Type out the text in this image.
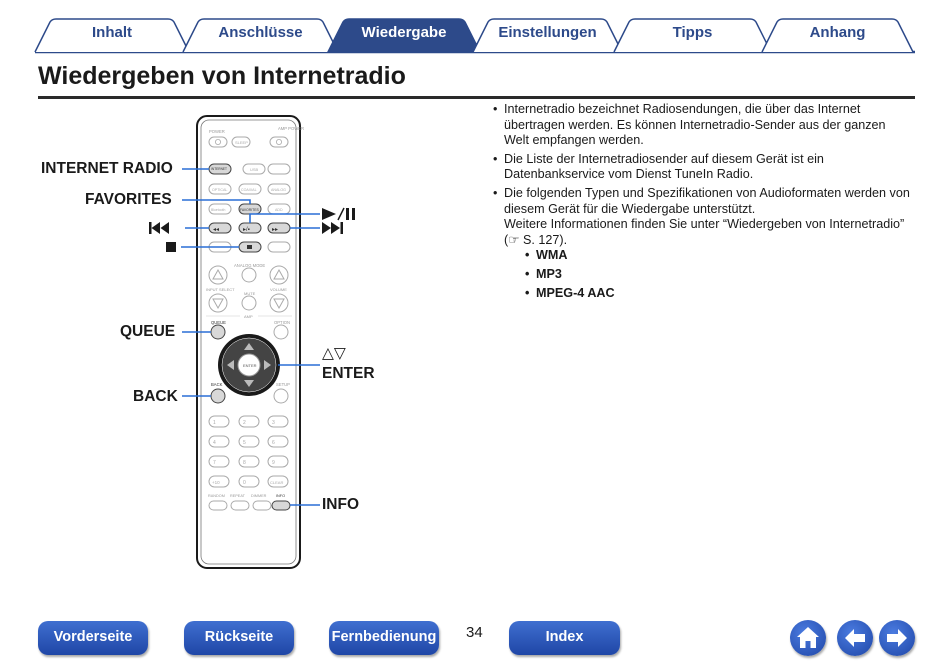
Inhalt	Anschlüsse	Wiedergabe	Einstellungen	Tipps	Anhang
Wiedergeben von Internetradio
POWER
AMP POWER
SLEEP
INTERNET	USB
OPTICAL	COAXIAL	ANALOG
Bluetooth	FAVORITES	ADD
◂◂	▸/▪	▸▸
ANALOG MODE
INPUT SELECT
MUTE
VOLUME
AMP
QUEUE	OPTION
ENTER
BACK	SETUP
1	2	3
4	5	6
7	8	9
+10	0	CLEAR
RANDOM REPEAT DIMMER	INFO
INTERNET RADIO
FAVORITES
QUEUE
BACK
△▽
ENTER
INFO
• Internetradio bezeichnet Radiosendungen, die über das Internet übertragen werden. Es können Internetradio-Sender aus der ganzen Welt empfangen werden.
• Die Liste der Internetradiosender auf diesem Gerät ist ein Datenbankservice vom Dienst TuneIn Radio.
• Die folgenden Typen und Spezifikationen von Audioformaten werden von diesem Gerät für die Wiedergabe unterstützt.
Weitere Informationen finden Sie unter “Wiedergeben von Internetradio” (☞ S. 127).
• WMA
• MP3
• MPEG-4 AAC
Vorderseite	Rückseite	Fernbedienung 34	Index
